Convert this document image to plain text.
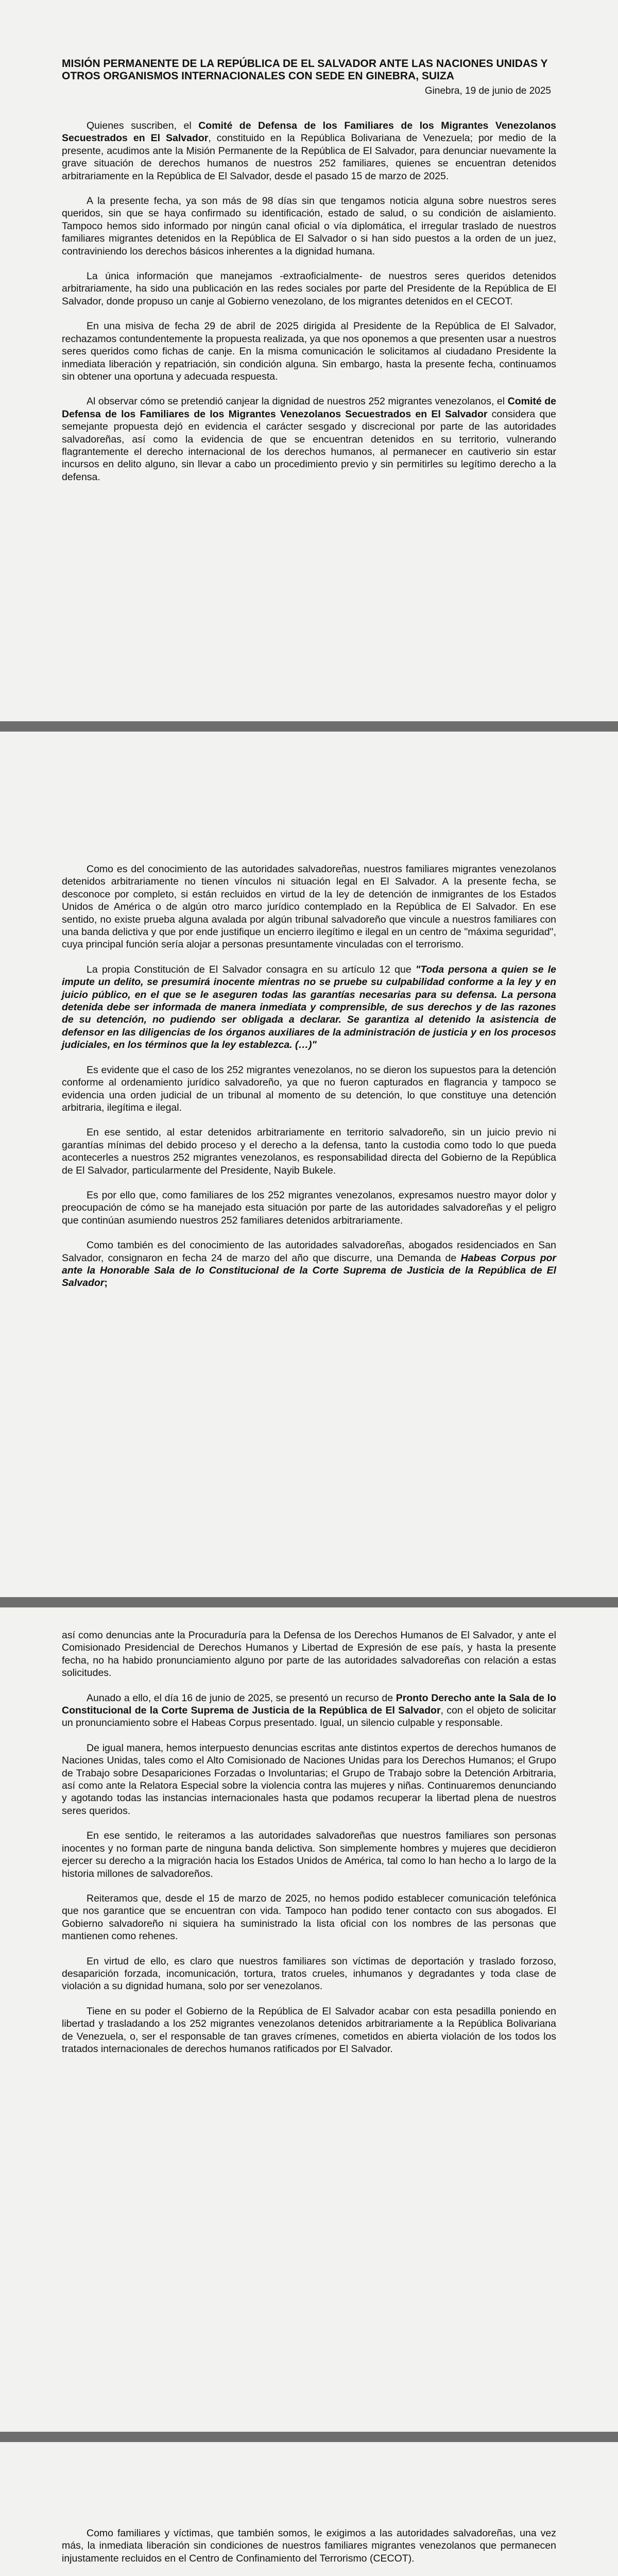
MISIÓN PERMANENTE DE LA REPÚBLICA DE EL SALVADOR ANTE LAS NACIONES UNIDAS Y OTROS ORGANISMOS INTERNACIONALES CON SEDE EN GINEBRA, SUIZA
Ginebra, 19 de junio de 2025

Quienes suscriben, el Comité de Defensa de los Familiares de los Migrantes Venezolanos Secuestrados en El Salvador, constituido en la República Bolivariana de Venezuela; por medio de la presente, acudimos ante la Misión Permanente de la República de El Salvador, para denunciar nuevamente la grave situación de derechos humanos de nuestros 252 familiares, quienes se encuentran detenidos arbitrariamente en la República de El Salvador, desde el pasado 15 de marzo de 2025.

A la presente fecha, ya son más de 98 días sin que tengamos noticia alguna sobre nuestros seres queridos, sin que se haya confirmado su identificación, estado de salud, o su condición de aislamiento. Tampoco hemos sido informado por ningún canal oficial o vía diplomática, el irregular traslado de nuestros familiares migrantes detenidos en la República de El Salvador o si han sido puestos a la orden de un juez, contraviniendo los derechos básicos inherentes a la dignidad humana.

La única información que manejamos -extraoficialmente- de nuestros seres queridos detenidos arbitrariamente, ha sido una publicación en las redes sociales por parte del Presidente de la República de El Salvador, donde propuso un canje al Gobierno venezolano, de los migrantes detenidos en el CECOT.

En una misiva de fecha 29 de abril de 2025 dirigida al Presidente de la República de El Salvador, rechazamos contundentemente la propuesta realizada, ya que nos oponemos a que presenten usar a nuestros seres queridos como fichas de canje. En la misma comunicación le solicitamos al ciudadano Presidente la inmediata liberación y repatriación, sin condición alguna. Sin embargo, hasta la presente fecha, continuamos sin obtener una oportuna y adecuada respuesta.

Al observar cómo se pretendió canjear la dignidad de nuestros 252 migrantes venezolanos, el Comité de Defensa de los Familiares de los Migrantes Venezolanos Secuestrados en El Salvador considera que semejante propuesta dejó en evidencia el carácter sesgado y discrecional por parte de las autoridades salvadoreñas, así como la evidencia de que se encuentran detenidos en su territorio, vulnerando flagrantemente el derecho internacional de los derechos humanos, al permanecer en cautiverio sin estar incursos en delito alguno, sin llevar a cabo un procedimiento previo y sin permitirles su legítimo derecho a la defensa.

Como es del conocimiento de las autoridades salvadoreñas, nuestros familiares migrantes venezolanos detenidos arbitrariamente no tienen vínculos ni situación legal en El Salvador. A la presente fecha, se desconoce por completo, si están recluidos en virtud de la ley de detención de inmigrantes de los Estados Unidos de América o de algún otro marco jurídico contemplado en la República de El Salvador. En ese sentido, no existe prueba alguna avalada por algún tribunal salvadoreño que vincule a nuestros familiares con una banda delictiva y que por ende justifique un encierro ilegítimo e ilegal en un centro de "máxima seguridad", cuya principal función sería alojar a personas presuntamente vinculadas con el terrorismo.

La propia Constitución de El Salvador consagra en su artículo 12 que "Toda persona a quien se le impute un delito, se presumirá inocente mientras no se pruebe su culpabilidad conforme a la ley y en juicio público, en el que se le aseguren todas las garantías necesarias para su defensa. La persona detenida debe ser informada de manera inmediata y comprensible, de sus derechos y de las razones de su detención, no pudiendo ser obligada a declarar. Se garantiza al detenido la asistencia de defensor en las diligencias de los órganos auxiliares de la administración de justicia y en los procesos judiciales, en los términos que la ley establezca. (…)"

Es evidente que el caso de los 252 migrantes venezolanos, no se dieron los supuestos para la detención conforme al ordenamiento jurídico salvadoreño, ya que no fueron capturados en flagrancia y tampoco se evidencia una orden judicial de un tribunal al momento de su detención, lo que constituye una detención arbitraria, ilegítima e ilegal.

En ese sentido, al estar detenidos arbitrariamente en territorio salvadoreño, sin un juicio previo ni garantías mínimas del debido proceso y el derecho a la defensa, tanto la custodia como todo lo que pueda acontecerles a nuestros 252 migrantes venezolanos, es responsabilidad directa del Gobierno de la República de El Salvador, particularmente del Presidente, Nayib Bukele.

Es por ello que, como familiares de los 252 migrantes venezolanos, expresamos nuestro mayor dolor y preocupación de cómo se ha manejado esta situación por parte de las autoridades salvadoreñas y el peligro que continúan asumiendo nuestros 252 familiares detenidos arbitrariamente.

Como también es del conocimiento de las autoridades salvadoreñas, abogados residenciados en San Salvador, consignaron en fecha 24 de marzo del año que discurre, una Demanda de Habeas Corpus por ante la Honorable Sala de lo Constitucional de la Corte Suprema de Justicia de la República de El Salvador;

así como denuncias ante la Procuraduría para la Defensa de los Derechos Humanos de El Salvador, y ante el Comisionado Presidencial de Derechos Humanos y Libertad de Expresión de ese país, y hasta la presente fecha, no ha habido pronunciamiento alguno por parte de las autoridades salvadoreñas con relación a estas solicitudes.

Aunado a ello, el día 16 de junio de 2025, se presentó un recurso de Pronto Derecho ante la Sala de lo Constitucional de la Corte Suprema de Justicia de la República de El Salvador, con el objeto de solicitar un pronunciamiento sobre el Habeas Corpus presentado. Igual, un silencio culpable y responsable.

De igual manera, hemos interpuesto denuncias escritas ante distintos expertos de derechos humanos de Naciones Unidas, tales como el Alto Comisionado de Naciones Unidas para los Derechos Humanos; el Grupo de Trabajo sobre Desapariciones Forzadas o Involuntarias; el Grupo de Trabajo sobre la Detención Arbitraria, así como ante la Relatora Especial sobre la violencia contra las mujeres y niñas. Continuaremos denunciando y agotando todas las instancias internacionales hasta que podamos recuperar la libertad plena de nuestros seres queridos.

En ese sentido, le reiteramos a las autoridades salvadoreñas que nuestros familiares son personas inocentes y no forman parte de ninguna banda delictiva. Son simplemente hombres y mujeres que decidieron ejercer su derecho a la migración hacia los Estados Unidos de América, tal como lo han hecho a lo largo de la historia millones de salvadoreños.

Reiteramos que, desde el 15 de marzo de 2025, no hemos podido establecer comunicación telefónica que nos garantice que se encuentran con vida. Tampoco han podido tener contacto con sus abogados. El Gobierno salvadoreño ni siquiera ha suministrado la lista oficial con los nombres de las personas que mantienen como rehenes.

En virtud de ello, es claro que nuestros familiares son víctimas de deportación y traslado forzoso, desaparición forzada, incomunicación, tortura, tratos crueles, inhumanos y degradantes y toda clase de violación a su dignidad humana, solo por ser venezolanos.

Tiene en su poder el Gobierno de la República de El Salvador acabar con esta pesadilla poniendo en libertad y trasladando a los 252 migrantes venezolanos detenidos arbitrariamente a la República Bolivariana de Venezuela, o, ser el responsable de tan graves crímenes, cometidos en abierta violación de los todos los tratados internacionales de derechos humanos ratificados por El Salvador.

Como familiares y víctimas, que también somos, le exigimos a las autoridades salvadoreñas, una vez más, la inmediata liberación sin condiciones de nuestros familiares migrantes venezolanos que permanecen injustamente recluidos en el Centro de Confinamiento del Terrorismo (CECOT).
